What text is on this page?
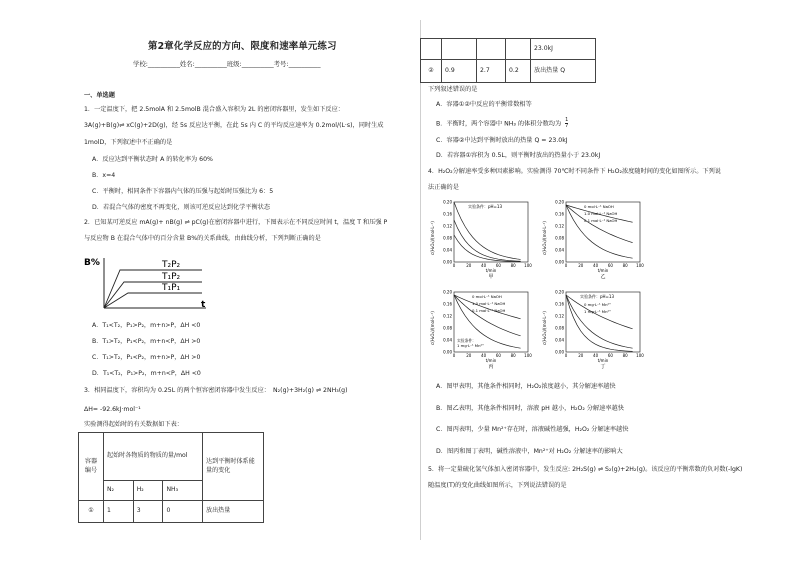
第2章化学反应的方向、限度和速率单元练习
学校:__________姓名:__________班级:__________考号:__________
一、单选题
1．一定温度下，把 2.5molA 和 2.5molB 混合盛入容积为 2L 的密闭容器里，发生如下反应：
3A(g)+B(g)⇌ xC(g)+2D(g)，经 5s 反应达平衡，在此 5s 内 C 的平均反应速率为 0.2mol/(L·s)，同时生成
1molD，下列叙述中不正确的是
A．反应达到平衡状态时 A 的转化率为 60%
B．x=4
C．平衡时，相同条件下容器内气体的压强与起始时压强比为 6：5
D．若混合气体的密度不再变化，则该可逆反应达到化学平衡状态
2．已知某可逆反应 mA(g)+ nB(g) ⇌ pC(g)在密闭容器中进行，下图表示在不同反应时间 t，温度 T 和压强 P
与反应物 B 在混合气体中的百分含量 B%的关系曲线，由曲线分析，下列判断正确的是
B%
t
T₂P₂
T₁P₂
T₁P₁
A．T₁<T₂，P₁>P₂，m+n>P，ΔH <0
B．T₁>T₂，P₁<P₂，m+n<P，ΔH >0
C．T₁>T₂，P₁<P₂，m+n>P，ΔH >0
D．T₁<T₂，P₁>P₂，m+n<P，ΔH <0
3．相同温度下，容积均为 0.25L 的两个恒容密闭容器中发生反应：　N₂(g)+3H₂(g) ⇌ 2NH₃(g)
ΔH= -92.6kJ·mol⁻¹
实验测得起始时的有关数据如下表：
容器编号	起始时各物质的物质的量/mol			达到平衡时体系能量的变化
	N₂	H₂	NH₃	
①	1	3	0	放出热量
				23.0kJ
②	0.9	2.7	0.2	放出热量 Q
下列叙述错误的是
A．容器①②中反应的平衡常数相等
B．平衡时，两个容器中 NH₃ 的体积分数均为 $\frac{1}{7}$
C．容器②中达到平衡时放出的热量 Q = 23.0kJ
D．若容器①容积为 0.5L，则平衡时放出的热量小于 23.0kJ
4．H₂O₂分解速率受多种因素影响。实验测得 70℃时不同条件下 H₂O₂浓度随时间的变化如图所示。下列说
法正确的是
c(H₂O₂)/(mol·L⁻¹)
0.00
0.04
0.08
0.12
0.16
0.20
0	20 40 60 80 100
t/min
甲
实验条件：pH=13
c(H₂O₂)/(mol·L⁻¹)
0.00
0.04
0.08
0.12
0.16
0.20
0	20 40 60 80 100
t/min
乙
0 mol·L⁻¹ NaOH
1.0 mol·L⁻¹ NaOH
0.1 mol·L⁻¹ NaOH
c(H₂O₂)/(mol·L⁻¹)
0.00
0.04
0.08
0.12
0.16
0.20
0	20 40 60 80 100
t/min
丙
0 mol·L⁻¹ NaOH
1.0 mol·L⁻¹ NaOH
0.1 mol·L⁻¹ NaOH
实验条件：
1 mg·L⁻¹ Mn²⁺
c(H₂O₂)/(mol·L⁻¹)
0.00
0.04
0.08
0.12
0.16
0.20
0	20 40 60 80 100
t/min
丁
实验条件：pH=13
0 mg·L⁻¹ Mn²⁺
1 mg·L⁻¹ Mn²⁺
A．图甲表明，其他条件相同时，H₂O₂浓度越小，其分解速率越快
B．图乙表明，其他条件相同时，溶液 pH 越小，H₂O₂ 分解速率越快
C．图丙表明，少量 Mn²⁺存在时，溶液碱性越强，H₂O₂ 分解速率越快
D．图丙和图丁表明，碱性溶液中，Mn²⁺对 H₂O₂ 分解速率的影响大
5．将一定量硫化氢气体加入密闭容器中，发生反应: 2H₂S(g) ⇌ S₂(g)+2H₂(g)。该反应的平衡常数的负对数(-lgK)
随温度(T)的变化曲线如图所示，下列说法错误的是
